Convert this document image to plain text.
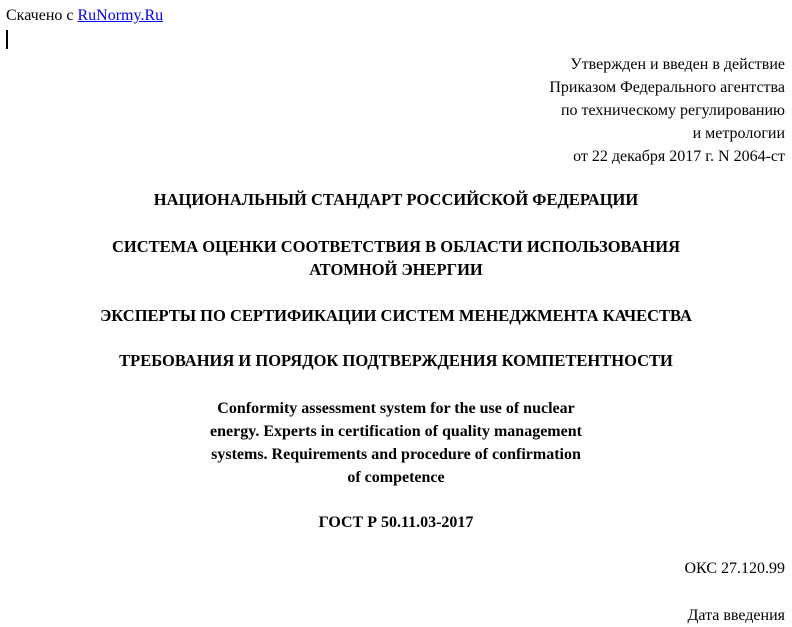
Скачено с RuNormy.Ru
Утвержден и введен в действие
Приказом Федерального агентства
по техническому регулированию
и метрологии
от 22 декабря 2017 г. N 2064-ст
НАЦИОНАЛЬНЫЙ СТАНДАРТ РОССИЙСКОЙ ФЕДЕРАЦИИ
СИСТЕМА ОЦЕНКИ СООТВЕТСТВИЯ В ОБЛАСТИ ИСПОЛЬЗОВАНИЯ
АТОМНОЙ ЭНЕРГИИ
ЭКСПЕРТЫ ПО СЕРТИФИКАЦИИ СИСТЕМ МЕНЕДЖМЕНТА КАЧЕСТВА
ТРЕБОВАНИЯ И ПОРЯДОК ПОДТВЕРЖДЕНИЯ КОМПЕТЕНТНОСТИ
Conformity assessment system for the use of nuclear
energy. Experts in certification of quality management
systems. Requirements and procedure of confirmation
of competence
ГОСТ Р 50.11.03-2017
ОКС 27.120.99
Дата введения
